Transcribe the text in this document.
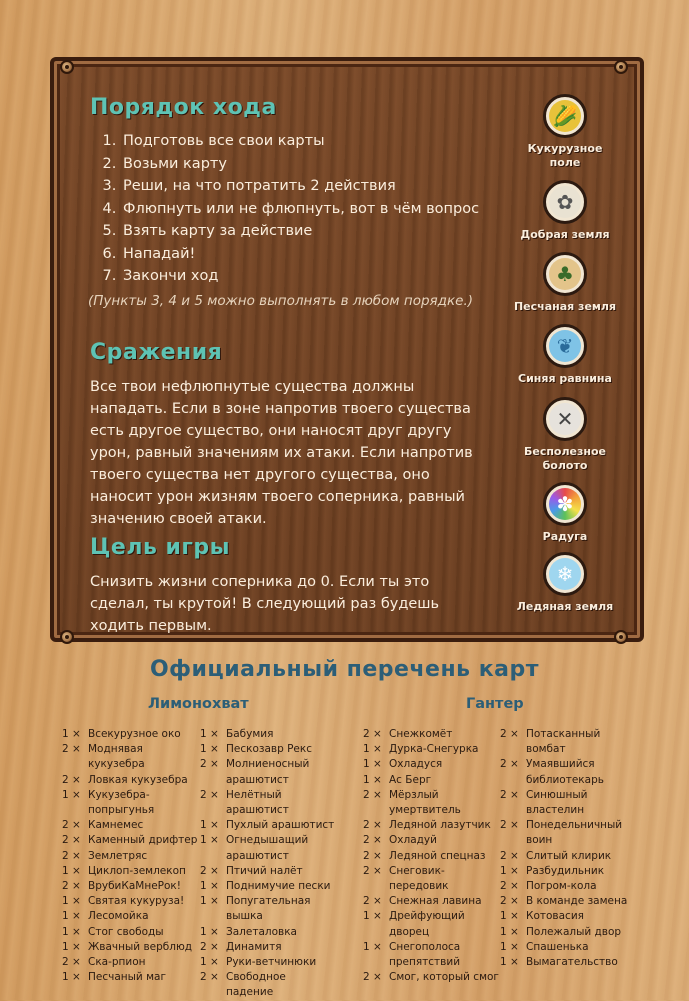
Порядок хода
1. Подготовь все свои карты
2. Возьми карту
3. Реши, на что потратить 2 действия
4. Флюпнуть или не флюпнуть, вот в чём вопрос
5. Взять карту за действие
6. Нападай!
7. Закончи ход
(Пункты 3, 4 и 5 можно выполнять в любом порядке.)
Сражения
Все твои нефлюпнутые существа должны нападать. Если в зоне напротив твоего существа есть другое существо, они наносят друг другу урон, равный значениям их атаки. Если напротив твоего существа нет другого существа, оно наносит урон жизням твоего соперника, равный значению своей атаки.
Цель игры
Снизить жизни соперника до 0. Если ты это сделал, ты крутой! В следующий раз будешь ходить первым.
🌽
Кукурузное поле
✿
Добрая земля
♣
Песчаная земля
❦
Синяя равнина
✕
Бесполезное болото
✽
Радуга
❄
Ледяная земля
Официальный перечень карт
Лимонохват	Гантер
1 × Всекурузное око
2 × Моднявая кукузебра
2 × Ловкая кукузебра
1 × Кукузебра- попрыгунья
2 × Камнемес
2 × Каменный дрифтер
2 × Землетряс
1 × Циклоп-землекоп
2 × ВрубиКаМнеРок!
1 × Святая кукуруза!
1 × Лесомойка
1 × Стог свободы
1 × Жвачный верблюд
2 × Ска-рпион
1 × Песчаный маг
1 × Бабумия
1 × Пескозавр Рекс
2 × Молниеносный арашютист
2 × Нелётный арашютист
1 × Пухлый арашютист
1 × Огнедышащий арашютист
2 × Птичий налёт
1 × Поднимучие пески
1 × Попугательная вышка
1 × Залеталовка
2 × Динамитя
1 × Руки-ветчинюки
2 × Свободное падение
2 × Снежкомёт
1 × Дурка-Снегурка
1 × Охладуся
1 × Ас Берг
2 × Мёрзлый умертвитель
2 × Ледяной лазутчик
2 × Охладуй
2 × Ледяной спецназ
2 × Снеговик-передовик
2 × Снежная лавина
1 × Дрейфующий дворец
1 × Снегополоса препятствий
2 × Смог, который смог
2 × Потасканный вомбат
2 × Умаявшийся библиотекарь
2 × Синюшный властелин
2 × Понедельничный воин
2 × Слитый клирик
1 × Разбудильник
2 × Погром-кола
2 × В команде замена
1 × Котовасия
1 × Полежалый двор
1 × Спашенька
1 × Вымагательство
